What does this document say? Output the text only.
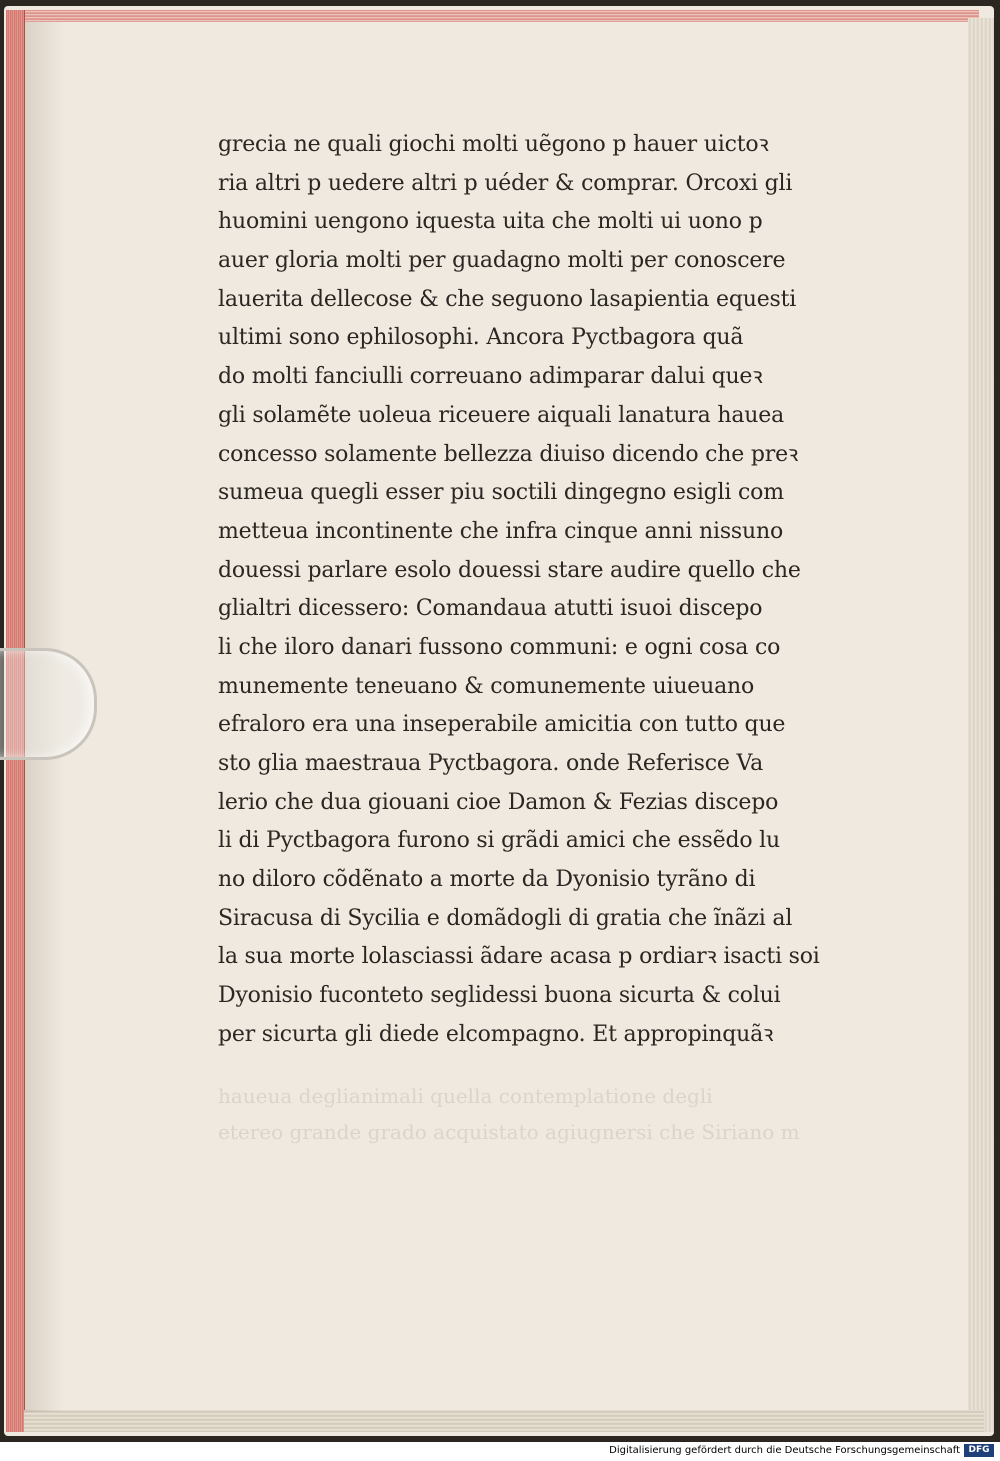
haueua deglianimali quella contemplatione degli
etereo grande grado acquistato agiugnersi che Siriano m
grecia ne quali giochi molti uẽgono p hauer uictoꝛ
ria altri p uedere altri p uéder & comprar. Orcoxi gli
huomini uengono iquesta uita che molti ui uono p
auer gloria molti per guadagno molti per conoscere
lauerita dellecose & che seguono lasapientia equesti
ultimi sono ephilosophi. Ancora Pyctbagora quã
do molti fanciulli correuano adimparar dalui queꝛ
gli solamẽte uoleua riceuere aiquali lanatura hauea
concesso solamente bellezza diuiso dicendo che preꝛ
sumeua quegli esser piu soctili dingegno esigli com
metteua incontinente che infra cinque anni nissuno
douessi parlare esolo douessi stare audire quello che
glialtri dicessero: Comandaua atutti isuoi discepo
li che iloro danari fussono communi: e ogni cosa co
munemente teneuano & comunemente uiueuano
efraloro era una inseperabile amicitia con tutto que
sto glia maestraua Pyctbagora. onde Referisce Va
lerio che dua giouani cioe Damon & Fezias discepo
li di Pyctbagora furono si grãdi amici che essẽdo lu
no diloro cõdẽnato a morte da Dyonisio tyrãno di
Siracusa di Sycilia e domãdogli di gratia che ĩnãzi al
la sua morte lolasciassi ãdare acasa p ordiarꝛ isacti soi
Dyonisio fuconteto seglidessi buona sicurta & colui
per sicurta gli diede elcompagno. Et appropinquãꝛ
Digitalisierung gefördert durch die Deutsche Forschungsgemeinschaft DFG
